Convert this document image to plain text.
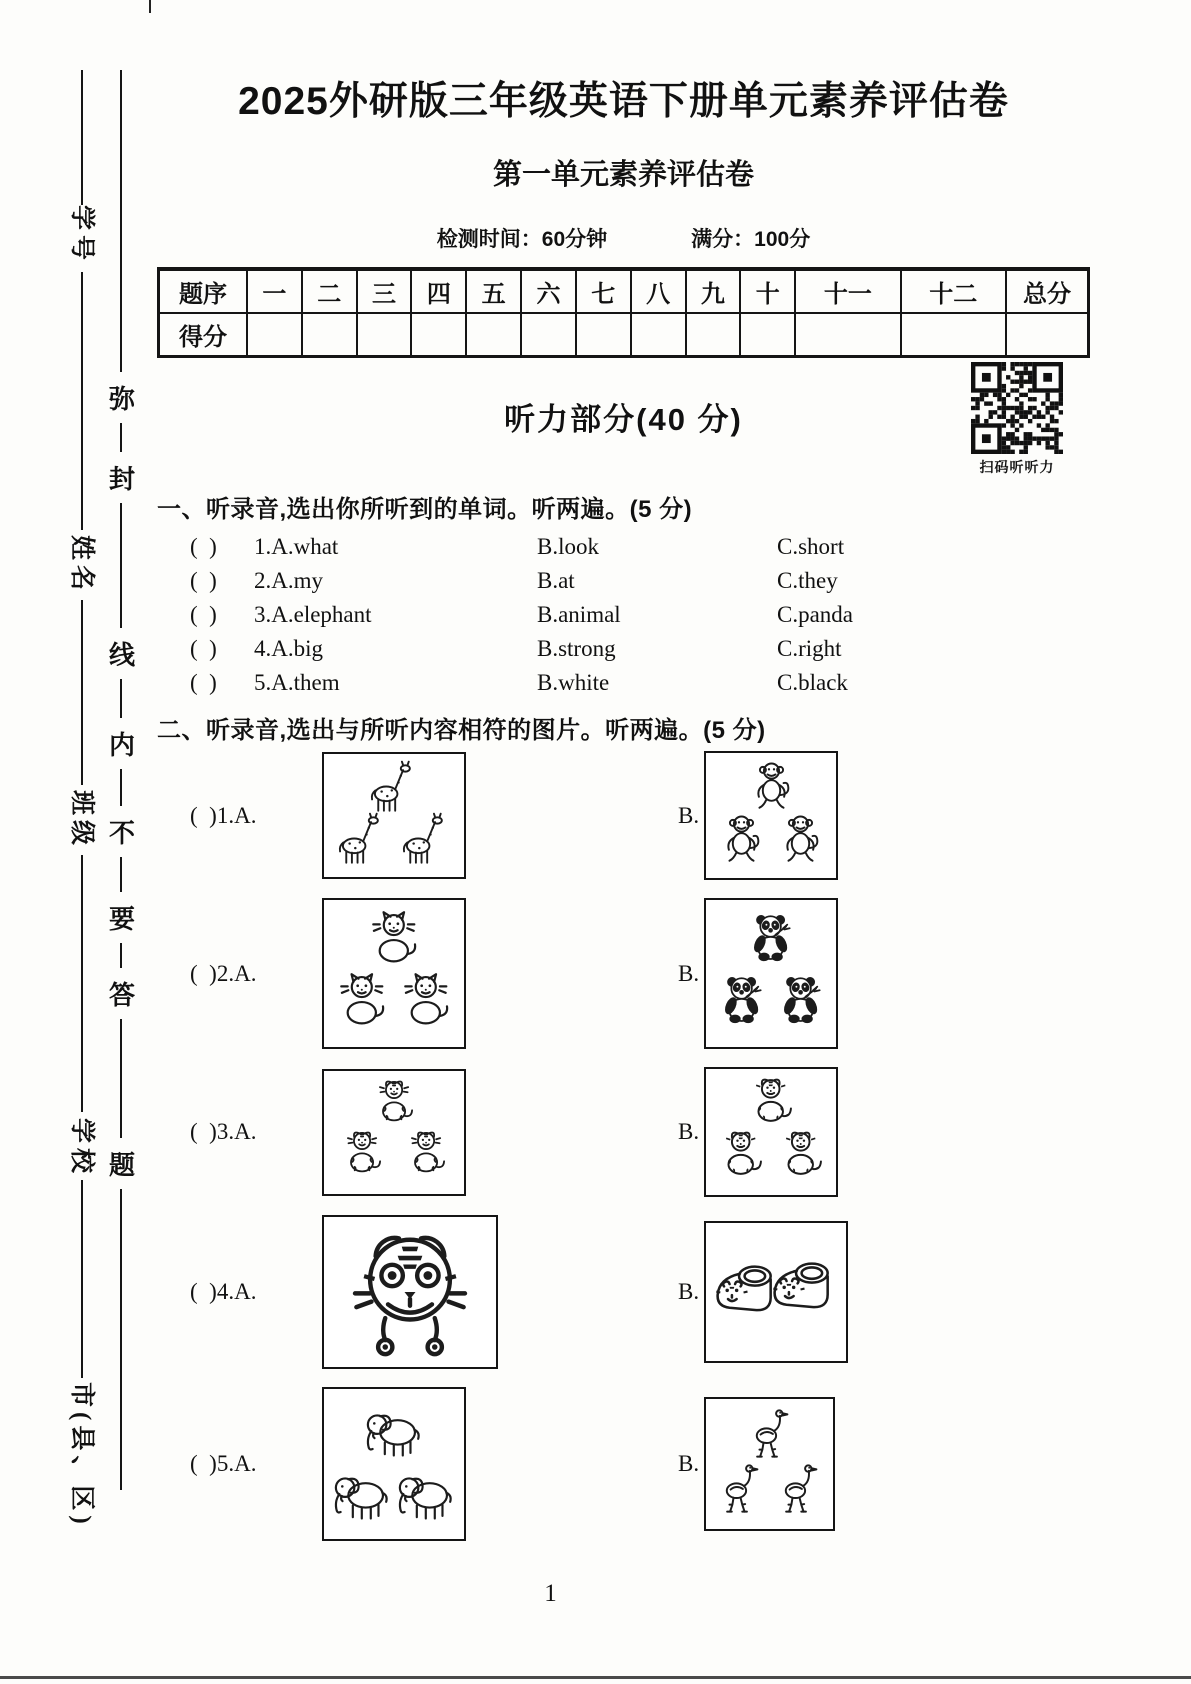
学号
姓名
班级
学校
市(县、区)
弥
封
线
内
不
要
答
题
扫码听听力
2025外研版三年级英语下册单元素养评估卷
第一单元素养评估卷
检测时间：60分钟	满分：100分
题序	一	二	三	四	五	六	七	八	九	十	十一	十二	总分
得分													
听力部分(40 分)
一、听录音,选出你所听到的单词。听两遍。(5 分)
(  )	1.A.what	B.look	C.short
(  )	2.A.my	B.at	C.they
(  )	3.A.elephant	B.animal	C.panda
(  )	4.A.big	B.strong	C.right
(  )	5.A.them	B.white	C.black
二、听录音,选出与所听内容相符的图片。听两遍。(5 分)
(  )1.A.	B.
(  )2.A.	B.
(  )3.A.	B.
(  )4.A.	B.
(  )5.A.	B.
1
